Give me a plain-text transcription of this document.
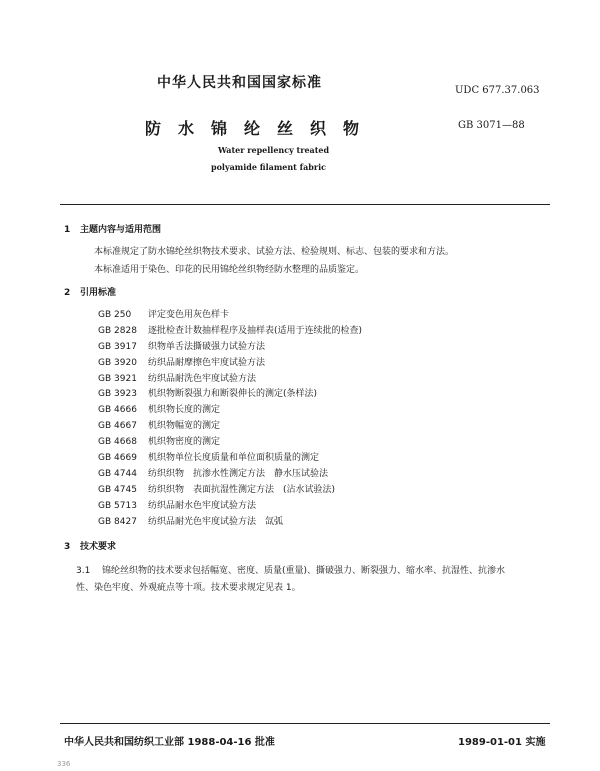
中华人民共和国国家标准	UDC 677.37.063
防水锦纶丝织物	GB 3071—88
Water repellency treated
polyamide filament fabric
1 主题内容与适用范围
本标准规定了防水锦纶丝织物技术要求、试验方法、检验规则、标志、包装的要求和方法。
本标准适用于染色、印花的民用锦纶丝织物经防水整理的品质鉴定。
2 引用标准
GB 250 评定变色用灰色样卡
GB 2828 逐批检查计数抽样程序及抽样表(适用于连续批的检查)
GB 3917 织物单舌法撕破强力试验方法
GB 3920 纺织品耐摩擦色牢度试验方法
GB 3921 纺织品耐洗色牢度试验方法
GB 3923 机织物断裂强力和断裂伸长的测定(条样法)
GB 4666 机织物长度的测定
GB 4667 机织物幅宽的测定
GB 4668 机织物密度的测定
GB 4669 机织物单位长度质量和单位面积质量的测定
GB 4744 纺织织物　抗渗水性测定方法　静水压试验法
GB 4745 纺织织物　表面抗湿性测定方法　(沾水试验法)
GB 5713 纺织品耐水色牢度试验方法
GB 8427 纺织品耐光色牢度试验方法　氙弧
3 技术要求
3.1 锦纶丝织物的技术要求包括幅宽、密度、质量(重量)、撕破强力、断裂强力、缩水率、抗湿性、抗渗水
性、染色牢度、外观疵点等十项。技术要求规定见表 1。
中华人民共和国纺织工业部 1988-04-16 批准	1989-01-01 实施
336
